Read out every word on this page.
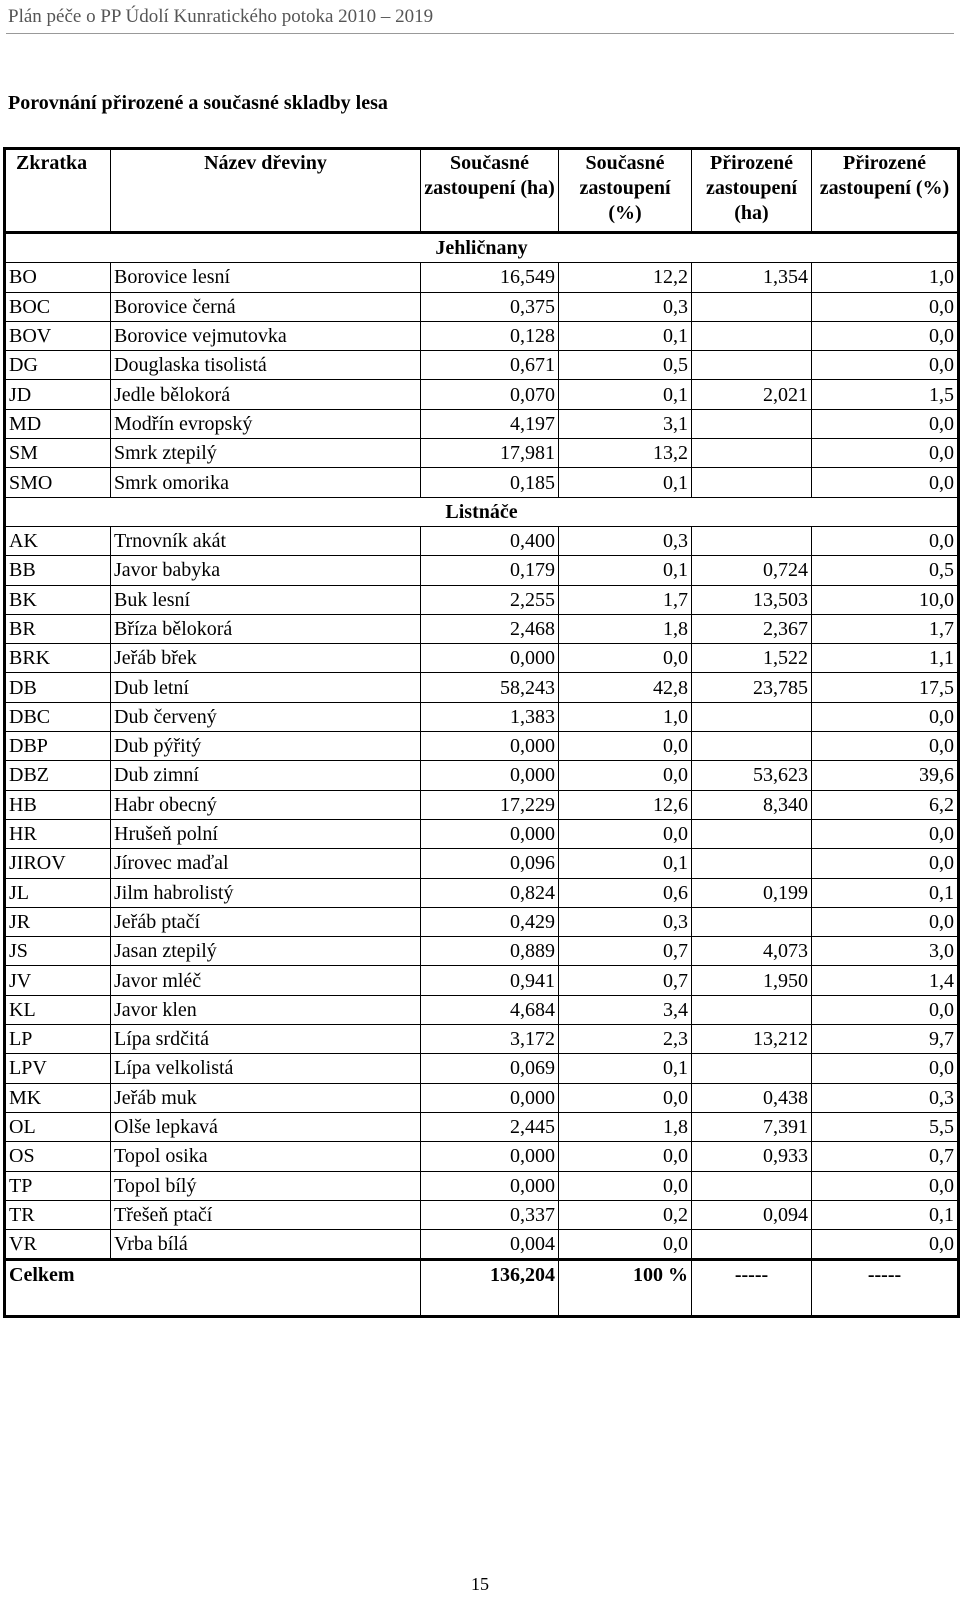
Plán péče o PP Údolí Kunratického potoka 2010 – 2019
Porovnání přirozené a současné skladby lesa
Zkratka	Název dřeviny	Současné zastoupení (ha)	Současné zastoupení (%)	Přirozené zastoupení (ha)	Přirozené zastoupení (%)
Jehličnany					
BO	Borovice lesní	16,549	12,2	1,354	1,0
BOC	Borovice černá	0,375	0,3		0,0
BOV	Borovice vejmutovka	0,128	0,1		0,0
DG	Douglaska tisolistá	0,671	0,5		0,0
JD	Jedle bělokorá	0,070	0,1	2,021	1,5
MD	Modřín evropský	4,197	3,1		0,0
SM	Smrk ztepilý	17,981	13,2		0,0
SMO	Smrk omorika	0,185	0,1		0,0
Listnáče					
AK	Trnovník akát	0,400	0,3		0,0
BB	Javor babyka	0,179	0,1	0,724	0,5
BK	Buk lesní	2,255	1,7	13,503	10,0
BR	Bříza bělokorá	2,468	1,8	2,367	1,7
BRK	Jeřáb břek	0,000	0,0	1,522	1,1
DB	Dub letní	58,243	42,8	23,785	17,5
DBC	Dub červený	1,383	1,0		0,0
DBP	Dub pýřitý	0,000	0,0		0,0
DBZ	Dub zimní	0,000	0,0	53,623	39,6
HB	Habr obecný	17,229	12,6	8,340	6,2
HR	Hrušeň polní	0,000	0,0		0,0
JIROV	Jírovec maďal	0,096	0,1		0,0
JL	Jilm habrolistý	0,824	0,6	0,199	0,1
JR	Jeřáb ptačí	0,429	0,3		0,0
JS	Jasan ztepilý	0,889	0,7	4,073	3,0
JV	Javor mléč	0,941	0,7	1,950	1,4
KL	Javor klen	4,684	3,4		0,0
LP	Lípa srdčitá	3,172	2,3	13,212	9,7
LPV	Lípa velkolistá	0,069	0,1		0,0
MK	Jeřáb muk	0,000	0,0	0,438	0,3
OL	Olše lepkavá	2,445	1,8	7,391	5,5
OS	Topol osika	0,000	0,0	0,933	0,7
TP	Topol bílý	0,000	0,0		0,0
TR	Třešeň ptačí	0,337	0,2	0,094	0,1
VR	Vrba bílá	0,004	0,0		0,0
Celkem		136,204	100 %	-----	-----
15
